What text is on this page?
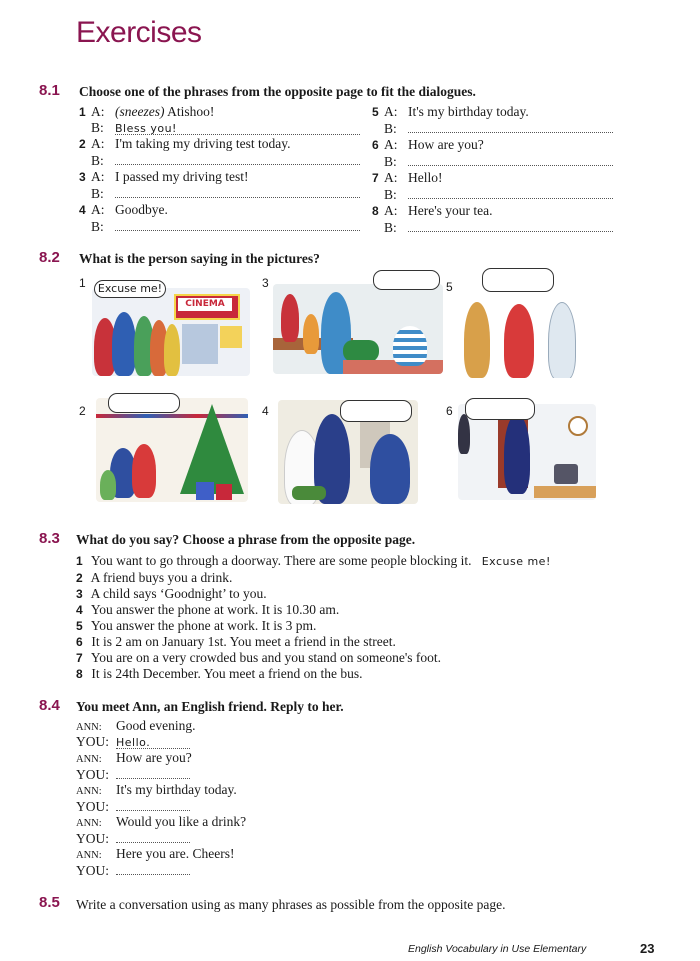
Exercises
8.1 Choose one of the phrases from the opposite page to fit the dialogues.
1 A: (sneezes) Atishoo!
B: Bless you!
2 A: I'm taking my driving test today.
B:
3 A: I passed my driving test!
B:
4 A: Goodbye.
B:
5 A: It's my birthday today.
B:
6 A: How are you?
B:
7 A: Hello!
B:
8 A: Here's your tea.
B:
8.2 What is the person saying in the pictures?
1
CINEMA
Excuse me!	3	5
2	4	6
8.3 What do you say? Choose a phrase from the opposite page.
1 You want to go through a doorway. There are some people blocking it. Excuse me!
2 A friend buys you a drink.
3 A child says ‘Goodnight’ to you.
4 You answer the phone at work. It is 10.30 am.
5 You answer the phone at work. It is 3 pm.
6 It is 2 am on January 1st. You meet a friend in the street.
7 You are on a very crowded bus and you stand on someone's foot.
8 It is 24th December. You meet a friend on the bus.
8.4 You meet Ann, an English friend. Reply to her.
ANN: Good evening.
YOU: Hello.
ANN: How are you?
YOU:
ANN: It's my birthday today.
YOU:
ANN: Would you like a drink?
YOU:
ANN: Here you are. Cheers!
YOU:
8.5 Write a conversation using as many phrases as possible from the opposite page.
English Vocabulary in Use Elementary	23
